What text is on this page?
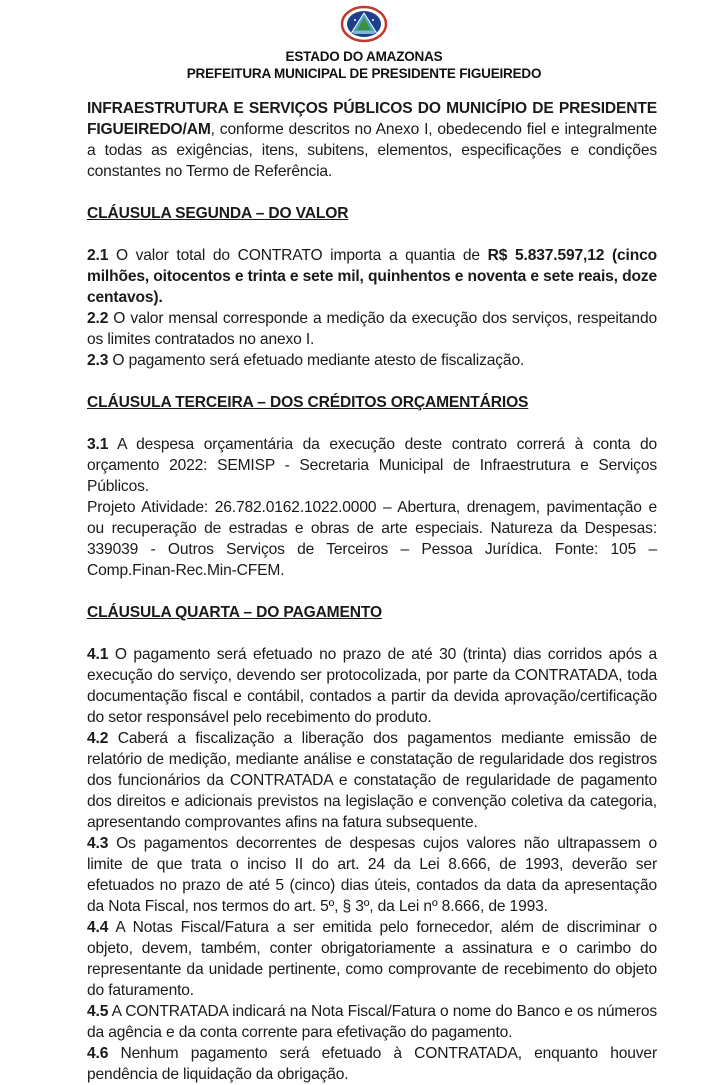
ESTADO DO AMAZONAS
PREFEITURA MUNICIPAL DE PRESIDENTE FIGUEIREDO

INFRAESTRUTURA E SERVIÇOS PÚBLICOS DO MUNICÍPIO DE PRESIDENTE FIGUEIREDO/AM, conforme descritos no Anexo I, obedecendo fiel e integralmente a todas as exigências, itens, subitens, elementos, especificações e condições constantes no Termo de Referência.

CLÁUSULA SEGUNDA – DO VALOR

2.1 O valor total do CONTRATO importa a quantia de R$ 5.837.597,12 (cinco milhões, oitocentos e trinta e sete mil, quinhentos e noventa e sete reais, doze centavos).

2.2 O valor mensal corresponde a medição da execução dos serviços, respeitando os limites contratados no anexo I.

2.3 O pagamento será efetuado mediante atesto de fiscalização.

CLÁUSULA TERCEIRA – DOS CRÉDITOS ORÇAMENTÁRIOS

3.1 A despesa orçamentária da execução deste contrato correrá à conta do orçamento 2022: SEMISP - Secretaria Municipal de Infraestrutura e Serviços Públicos.

Projeto Atividade: 26.782.0162.1022.0000 – Abertura, drenagem, pavimentação e ou recuperação de estradas e obras de arte especiais. Natureza da Despesas: 339039 - Outros Serviços de Terceiros – Pessoa Jurídica. Fonte: 105 – Comp.Finan-Rec.Min-CFEM.

CLÁUSULA QUARTA – DO PAGAMENTO

4.1 O pagamento será efetuado no prazo de até 30 (trinta) dias corridos após a execução do serviço, devendo ser protocolizada, por parte da CONTRATADA, toda documentação fiscal e contábil, contados a partir da devida aprovação/certificação do setor responsável pelo recebimento do produto.

4.2 Caberá a fiscalização a liberação dos pagamentos mediante emissão de relatório de medição, mediante análise e constatação de regularidade dos registros dos funcionários da CONTRATADA e constatação de regularidade de pagamento dos direitos e adicionais previstos na legislação e convenção coletiva da categoria, apresentando comprovantes afins na fatura subsequente.

4.3 Os pagamentos decorrentes de despesas cujos valores não ultrapassem o limite de que trata o inciso II do art. 24 da Lei 8.666, de 1993, deverão ser efetuados no prazo de até 5 (cinco) dias úteis, contados da data da apresentação da Nota Fiscal, nos termos do art. 5º, § 3º, da Lei nº 8.666, de 1993.

4.4 A Notas Fiscal/Fatura a ser emitida pelo fornecedor, além de discriminar o objeto, devem, também, conter obrigatoriamente a assinatura e o carimbo do representante da unidade pertinente, como comprovante de recebimento do objeto do faturamento.

4.5 A CONTRATADA indicará na Nota Fiscal/Fatura o nome do Banco e os números da agência e da conta corrente para efetivação do pagamento.

4.6 Nenhum pagamento será efetuado à CONTRATADA, enquanto houver pendência de liquidação da obrigação.
